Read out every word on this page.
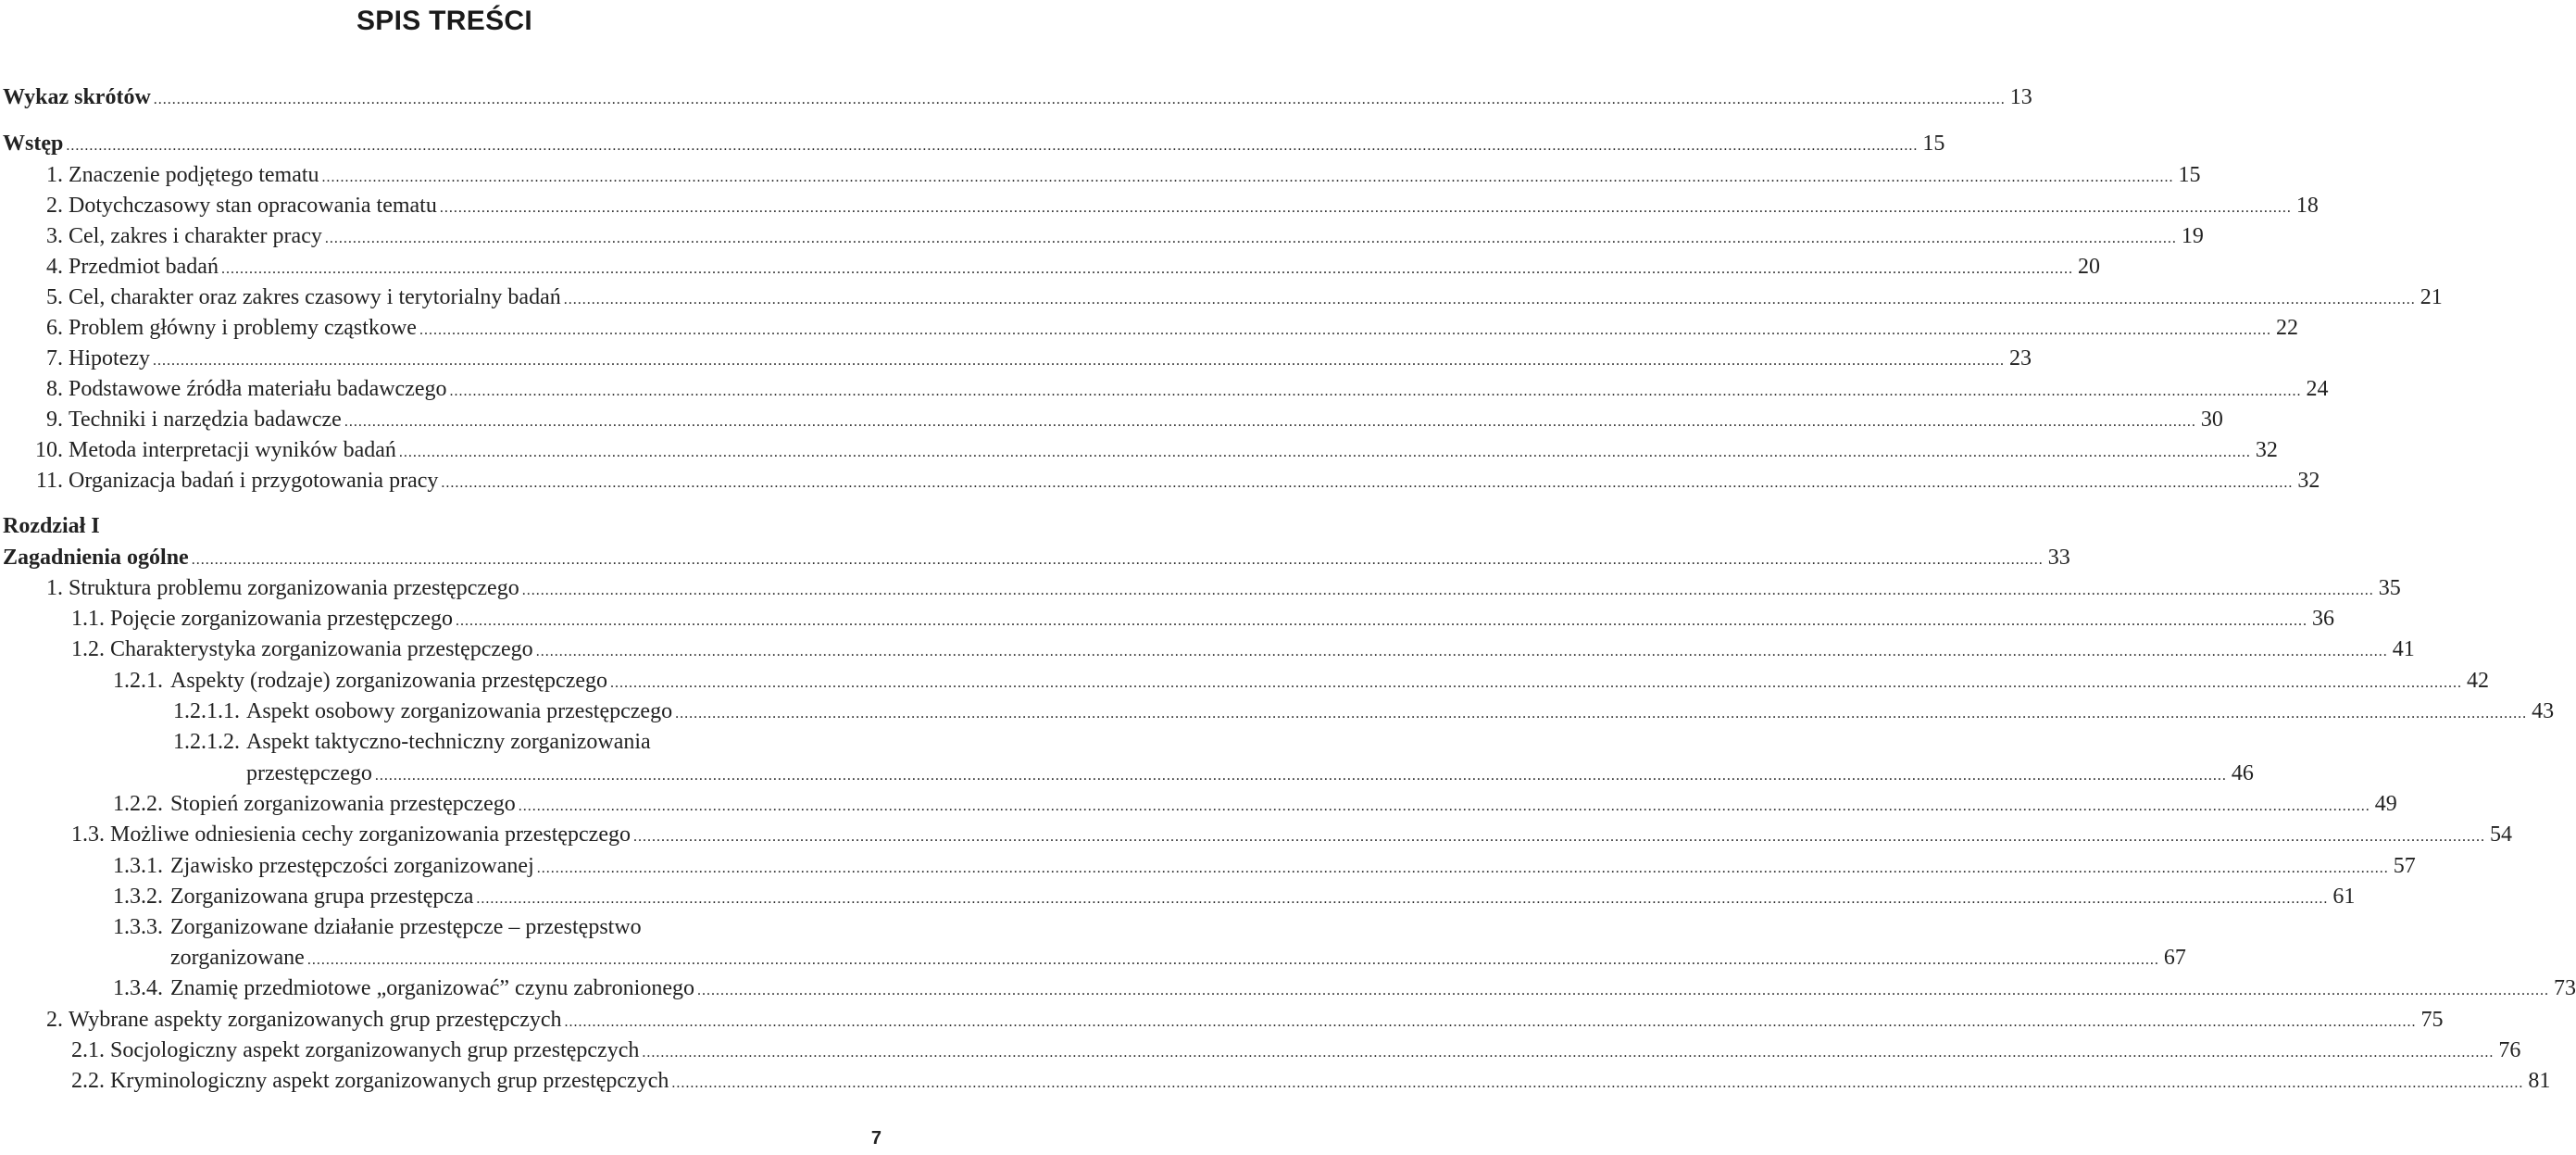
SPIS TREŚCI
Wykaz skrótów ................................................................................................................................................................................................................................................................................................................................................................................................................ 13
Wstęp ................................................................................................................................................................................................................................................................................................................................................................................................................ 15
1. Znaczenie podjętego tematu ................................................................................................................................................................................................................................................................................................................................................................................................................ 15
2. Dotychczasowy stan opracowania tematu ................................................................................................................................................................................................................................................................................................................................................................................................................ 18
3. Cel, zakres i charakter pracy ................................................................................................................................................................................................................................................................................................................................................................................................................ 19
4. Przedmiot badań ................................................................................................................................................................................................................................................................................................................................................................................................................ 20
5. Cel, charakter oraz zakres czasowy i terytorialny badań ................................................................................................................................................................................................................................................................................................................................................................................................................ 21
6. Problem główny i problemy cząstkowe ................................................................................................................................................................................................................................................................................................................................................................................................................ 22
7. Hipotezy ................................................................................................................................................................................................................................................................................................................................................................................................................ 23
8. Podstawowe źródła materiału badawczego ................................................................................................................................................................................................................................................................................................................................................................................................................ 24
9. Techniki i narzędzia badawcze ................................................................................................................................................................................................................................................................................................................................................................................................................ 30
10. Metoda interpretacji wyników badań ................................................................................................................................................................................................................................................................................................................................................................................................................ 32
11. Organizacja badań i przygotowania pracy ................................................................................................................................................................................................................................................................................................................................................................................................................ 32
Rozdział I
Zagadnienia ogólne ................................................................................................................................................................................................................................................................................................................................................................................................................ 33
1. Struktura problemu zorganizowania przestępczego ................................................................................................................................................................................................................................................................................................................................................................................................................ 35
1.1. Pojęcie zorganizowania przestępczego ................................................................................................................................................................................................................................................................................................................................................................................................................ 36
1.2. Charakterystyka zorganizowania przestępczego ................................................................................................................................................................................................................................................................................................................................................................................................................ 41
1.2.1. Aspekty (rodzaje) zorganizowania przestępczego ................................................................................................................................................................................................................................................................................................................................................................................................................ 42
1.2.1.1. Aspekt osobowy zorganizowania przestępczego ................................................................................................................................................................................................................................................................................................................................................................................................................ 43
1.2.1.2. Aspekt taktyczno-techniczny zorganizowania
przestępczego ................................................................................................................................................................................................................................................................................................................................................................................................................ 46
1.2.2. Stopień zorganizowania przestępczego ................................................................................................................................................................................................................................................................................................................................................................................................................ 49
1.3. Możliwe odniesienia cechy zorganizowania przestępczego ................................................................................................................................................................................................................................................................................................................................................................................................................ 54
1.3.1. Zjawisko przestępczości zorganizowanej ................................................................................................................................................................................................................................................................................................................................................................................................................ 57
1.3.2. Zorganizowana grupa przestępcza ................................................................................................................................................................................................................................................................................................................................................................................................................ 61
1.3.3. Zorganizowane działanie przestępcze – przestępstwo
zorganizowane ................................................................................................................................................................................................................................................................................................................................................................................................................ 67
1.3.4. Znamię przedmiotowe „organizować” czynu zabronionego ................................................................................................................................................................................................................................................................................................................................................................................................................ 73
2. Wybrane aspekty zorganizowanych grup przestępczych ................................................................................................................................................................................................................................................................................................................................................................................................................ 75
2.1. Socjologiczny aspekt zorganizowanych grup przestępczych ................................................................................................................................................................................................................................................................................................................................................................................................................ 76
2.2. Kryminologiczny aspekt zorganizowanych grup przestępczych ................................................................................................................................................................................................................................................................................................................................................................................................................ 81
7
